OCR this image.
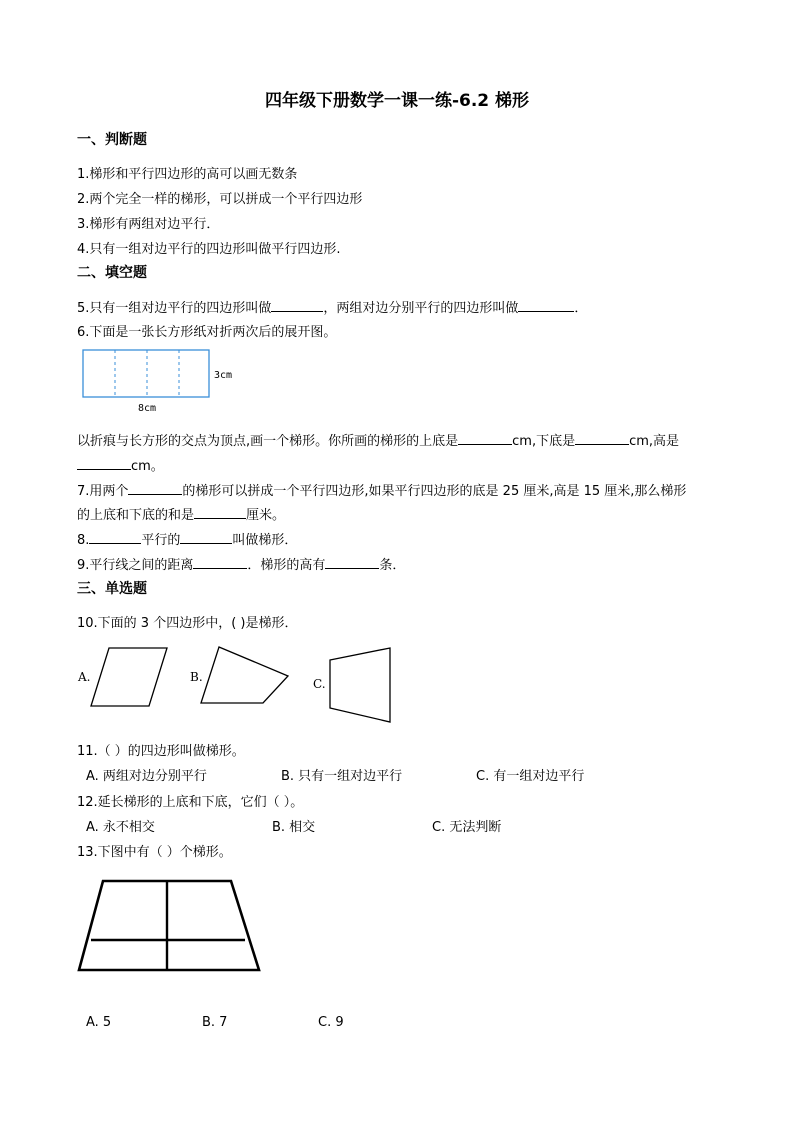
四年级下册数学一课一练-6.2 梯形
一、判断题
1.梯形和平行四边形的高可以画无数条
2.两个完全一样的梯形，可以拼成一个平行四边形
3.梯形有两组对边平行．
4.只有一组对边平行的四边形叫做平行四边形.
二、填空题
5.只有一组对边平行的四边形叫做	，两组对边分别平行的四边形叫做	．
6.下面是一张长方形纸对折两次后的展开图。
3cm
8cm
以折痕与长方形的交点为顶点,画一个梯形。你所画的梯形的上底是	cm,下底是	cm,高是
cm。
7.用两个	的梯形可以拼成一个平行四边形,如果平行四边形的底是 25 厘米,高是 15 厘米,那么梯形
的上底和下底的和是	厘米。
8.	平行的	叫做梯形．
9.平行线之间的距离	．梯形的高有	条．
三、单选题
10.下面的 3 个四边形中，( )是梯形．
A.	B.	C.
11.（ ）的四边形叫做梯形。
A. 两组对边分别平行	B. 只有一组对边平行	C. 有一组对边平行
12.延长梯形的上底和下底，它们（ ）。
A. 永不相交	B. 相交	C. 无法判断
13.下图中有（ ）个梯形。
A. 5	B. 7	C. 9
